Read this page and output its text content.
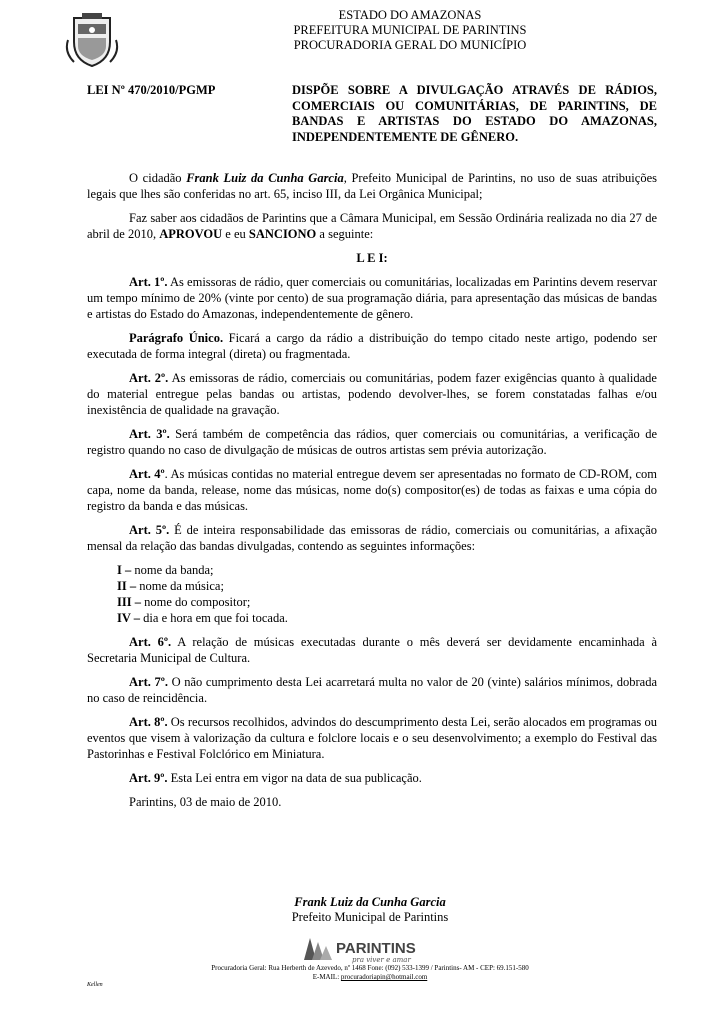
ESTADO DO AMAZONAS
PREFEITURA MUNICIPAL DE PARINTINS
PROCURADORIA GERAL DO MUNICÍPIO
LEI Nº 470/2010/PGMP	DISPÕE SOBRE A DIVULGAÇÃO ATRAVÉS DE RÁDIOS, COMERCIAIS OU COMUNITÁRIAS, DE PARINTINS, DE BANDAS E ARTISTAS DO ESTADO DO AMAZONAS, INDEPENDENTEMENTE DE GÊNERO.

O cidadão Frank Luiz da Cunha Garcia, Prefeito Municipal de Parintins, no uso de suas atribuições legais que lhes são conferidas no art. 65, inciso III, da Lei Orgânica Municipal;

Faz saber aos cidadãos de Parintins que a Câmara Municipal, em Sessão Ordinária realizada no dia 27 de abril de 2010, APROVOU e eu SANCIONO a seguinte:

L E I:

Art. 1º. As emissoras de rádio, quer comerciais ou comunitárias, localizadas em Parintins devem reservar um tempo mínimo de 20% (vinte por cento) de sua programação diária, para apresentação das músicas de bandas e artistas do Estado do Amazonas, independentemente de gênero.

Parágrafo Único. Ficará a cargo da rádio a distribuição do tempo citado neste artigo, podendo ser executada de forma integral (direta) ou fragmentada.

Art. 2º. As emissoras de rádio, comerciais ou comunitárias, podem fazer exigências quanto à qualidade do material entregue pelas bandas ou artistas, podendo devolver-lhes, se forem constatadas falhas e/ou inexistência de qualidade na gravação.

Art. 3º. Será também de competência das rádios, quer comerciais ou comunitárias, a verificação de registro quando no caso de divulgação de músicas de outros artistas sem prévia autorização.

Art. 4º. As músicas contidas no material entregue devem ser apresentadas no formato de CD-ROM, com capa, nome da banda, release, nome das músicas, nome do(s) compositor(es) de todas as faixas e uma cópia do registro da banda e das músicas.

Art. 5º. É de inteira responsabilidade das emissoras de rádio, comerciais ou comunitárias, a afixação mensal da relação das bandas divulgadas, contendo as seguintes informações:

I – nome da banda;
II – nome da música;
III – nome do compositor;
IV – dia e hora em que foi tocada.

Art. 6º. A relação de músicas executadas durante o mês deverá ser devidamente encaminhada à Secretaria Municipal de Cultura.

Art. 7º. O não cumprimento desta Lei acarretará multa no valor de 20 (vinte) salários mínimos, dobrada no caso de reincidência.

Art. 8º. Os recursos recolhidos, advindos do descumprimento desta Lei, serão alocados em programas ou eventos que visem à valorização da cultura e folclore locais e o seu desenvolvimento; a exemplo do Festival das Pastorinhas e Festival Folclórico em Miniatura.

Art. 9º. Esta Lei entra em vigor na data de sua publicação.

Parintins, 03 de maio de 2010.

Frank Luiz da Cunha Garcia
Prefeito Municipal de Parintins
PARINTINS
pra viver e amar
Procuradoria Geral: Rua Herberth de Azevedo, nº 1468 Fone: (092) 533-1399 / Parintins- AM - CEP: 69.151-580
E-MAIL: procuradoriapin@hotmail.com
Kellen
